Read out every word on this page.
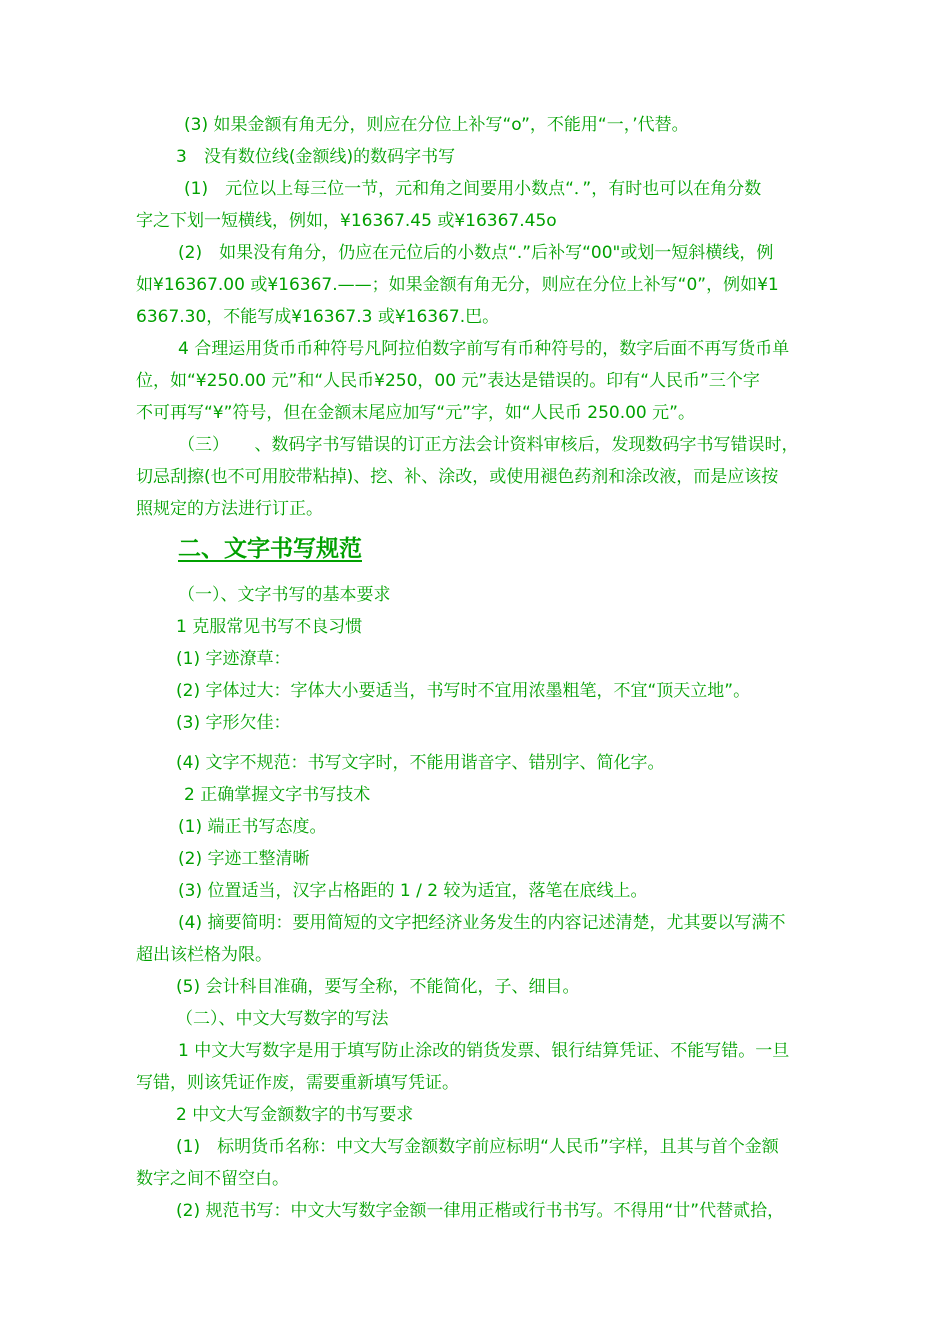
(3) 如果金额有角无分，则应在分位上补写“o”，不能用“一，’代替。
3　没有数位线(金额线)的数码字书写
(1)　元位以上每三位一节，元和角之间要用小数点“．”，有时也可以在角分数
字之下划一短横线，例如，¥16367.45 或¥16367.45o
(2)　如果没有角分，仍应在元位后的小数点“.”后补写“00"或划一短斜横线，例
如¥16367.00 或¥16367.——；如果金额有角无分，则应在分位上补写“0”，例如¥1
6367.30，不能写成¥16367.3 或¥16367.巴。
4 合理运用货币币种符号凡阿拉伯数字前写有币种符号的，数字后面不再写货币单
位，如“¥250.00 元”和“人民币¥250，00 元”表达是错误的。印有“人民币”三个字
不可再写“¥”符号，但在金额末尾应加写“元”字，如“人民币 250.00 元”。
（三）　　、数码字书写错误的订正方法会计资料审核后，发现数码字书写错误时，
切忌刮擦(也不可用胶带粘掉)、挖、补、涂改，或使用褪色药剂和涂改液，而是应该按
照规定的方法进行订正。
二、文字书写规范
（一）、文字书写的基本要求
1 克服常见书写不良习惯
(1) 字迹潦草：
(2) 字体过大：字体大小要适当，书写时不宜用浓墨粗笔，不宜“顶天立地”。
(3) 字形欠佳：
(4) 文字不规范：书写文字时，不能用谐音字、错别字、简化字。
2 正确掌握文字书写技术
(1) 端正书写态度。
(2) 字迹工整清晰
(3) 位置适当，汉字占格距的 1 / 2 较为适宜，落笔在底线上。
(4) 摘要简明：要用简短的文字把经济业务发生的内容记述清楚，尤其要以写满不
超出该栏格为限。
(5) 会计科目准确，要写全称，不能简化，子、细目。
（二）、中文大写数字的写法
1 中文大写数字是用于填写防止涂改的销货发票、银行结算凭证、不能写错。一旦
写错，则该凭证作废，需要重新填写凭证。
2 中文大写金额数字的书写要求
(1)　标明货币名称：中文大写金额数字前应标明“人民币”字样，且其与首个金额
数字之间不留空白。
(2) 规范书写：中文大写数字金额一律用正楷或行书书写。不得用“廿”代替贰拾，
